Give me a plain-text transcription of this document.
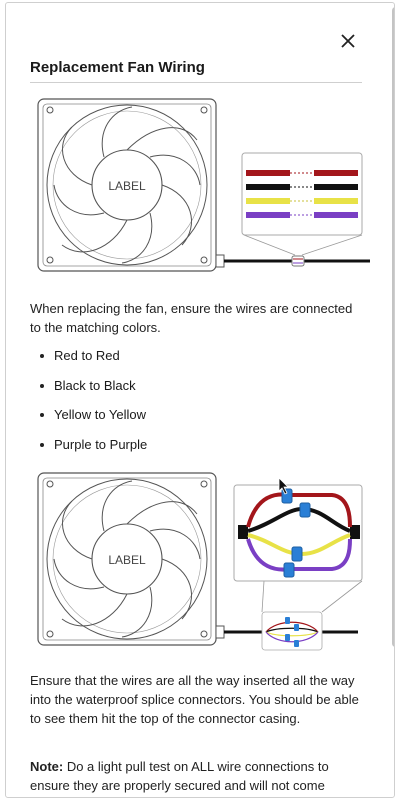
Replacement Fan Wiring
LABEL
When replacing the fan, ensure the wires are connected to the matching colors.
Red to Red
Black to Black
Yellow to Yellow
Purple to Purple
LABEL
Ensure that the wires are all the way inserted all the way into the waterproof splice connectors. You should be able to see them hit the top of the connector casing.
Note: Do a light pull test on ALL wire connections to ensure they are properly secured and will not come
